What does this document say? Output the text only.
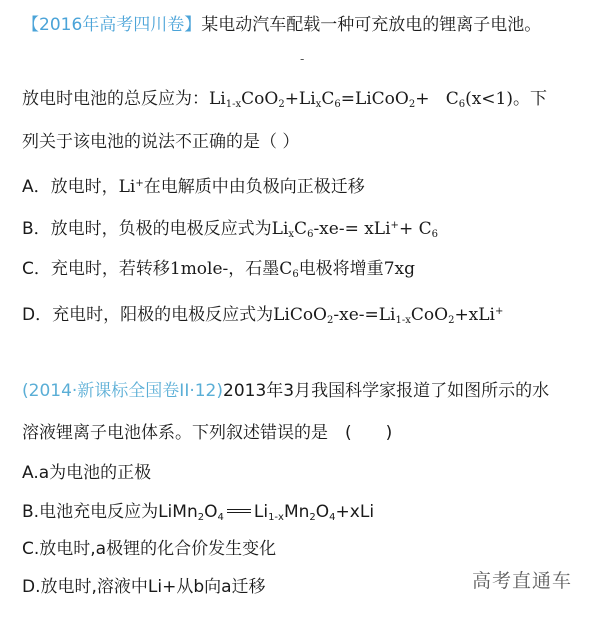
【2016年高考四川卷】某电动汽车配载一种可充放电的锂离子电池。
-
放电时电池的总反应为：$Li_{1-x}CoO_2+Li_xC_6=LiCoO_2+ C_6(x<1)$。下
列关于该电池的说法不正确的是（ ）
A．放电时，Li+在电解质中由负极向正极迁移
B．放电时，负极的电极反应式为$Li_xC_6-xe-= xLi^++ C_6$
C．充电时，若转移1mole-，石墨$C_6$电极将增重7xg
D．充电时，阳极的电极反应式为$LiCoO_2-xe-=Li_{1-x}CoO_2+xLi^+$
(2014·新课标全国卷II·12)2013年3月我国科学家报道了如图所示的水
溶液锂离子电池体系。下列叙述错误的是　(　　)
A.a为电池的正极
B.电池充电反应为$LiMn_2O_4$ $Li_{1-x}Mn_2O_4+xLi$
C.放电时,a极锂的化合价发生变化
D.放电时,溶液中Li+从b向a迁移	高考直通车
